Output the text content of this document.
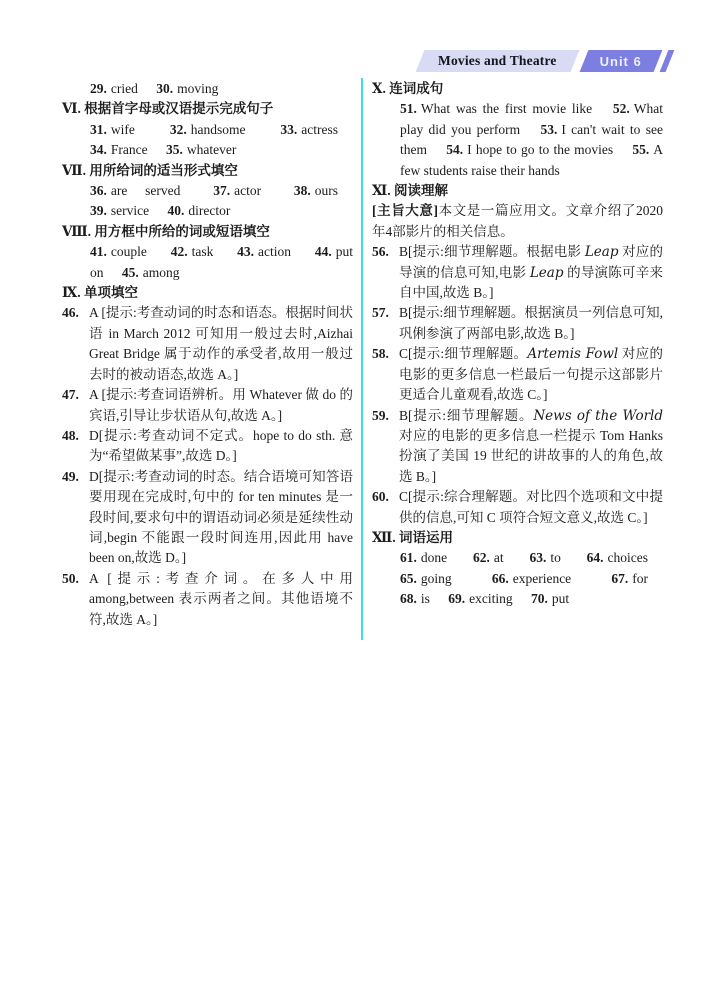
Movies and Theatre	Unit 6
29. cried 30. moving
Ⅵ. 根据首字母或汉语提示完成句子
31. wife	32. handsome	33. actress 34. France 35. whatever
Ⅶ. 用所给词的适当形式填空
36. are served 37. actor 38. ours 39. service 40. director
Ⅷ. 用方框中所给的词或短语填空
41. couple 42. task 43. action 44. put on 45. among
Ⅸ. 单项填空
46. A [提示:考查动词的时态和语态。根据时间状语 in March 2012 可知用一般过去时,Aizhai Great Bridge 属于动作的承受者,故用一般过去时的被动语态,故选 A。]
47. A [提示:考查词语辨析。用 Whatever 做 do 的宾语,引导让步状语从句,故选 A。]
48. D[提示:考查动词不定式。hope to do sth. 意为“希望做某事”,故选 D。]
49. D[提示:考查动词的时态。结合语境可知答语要用现在完成时,句中的 for ten minutes 是一段时间,要求句中的谓语动词必须是延续性动词,begin 不能跟一段时间连用,因此用 have been on,故选 D。]
50. A [提示:考查介词。在多人中用 among,between 表示两者之间。其他语境不符,故选 A。]
Ⅹ. 连词成句
51. What was the first movie like 52. What play did you perform 53. I can't wait to see them 54. I hope to go to the movies 55. A few students raise their hands
Ⅺ. 阅读理解
[主旨大意]本文是一篇应用文。文章介绍了2020年4部影片的相关信息。
56. B[提示:细节理解题。根据电影 Leap 对应的导演的信息可知,电影 Leap 的导演陈可辛来自中国,故选 B。]
57. B[提示:细节理解题。根据演员一列信息可知,巩俐参演了两部电影,故选 B。]
58. C[提示:细节理解题。Artemis Fowl 对应的电影的更多信息一栏最后一句提示这部影片更适合儿童观看,故选 C。]
59. B[提示:细节理解题。News of the World 对应的电影的更多信息一栏提示 Tom Hanks 扮演了美国 19 世纪的讲故事的人的角色,故选 B。]
60. C[提示:综合理解题。对比四个选项和文中提供的信息,可知 C 项符合短文意义,故选 C。]
Ⅻ. 词语运用
61. done 62. at 63. to 64. choices 65. going	66. experience	67. for 68. is 69. exciting 70. put
